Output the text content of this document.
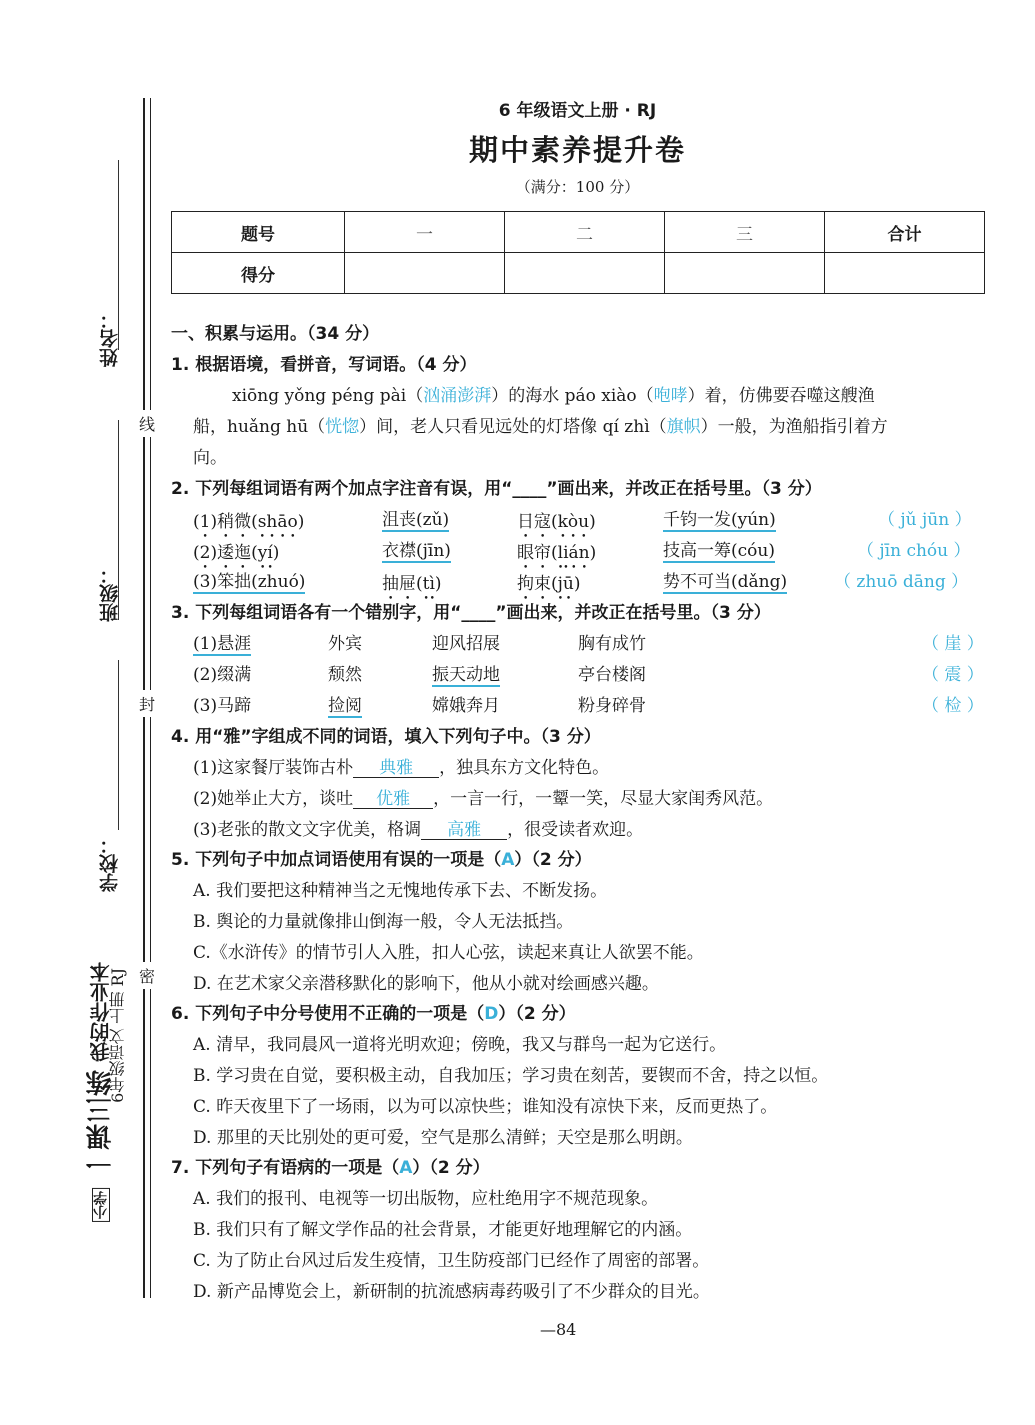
姓名：
班级：
学校：
线
封
密
小学 一课三练 我的作业本
6年级语文 上册 RJ
6 年级语文上册 · RJ
期中素养提升卷
（满分：100 分）
题号	一	二	三	合计
得分				
一、积累与运用。（34 分）
1. 根据语境，看拼音，写词语。（4 分）
xiōng yǒng péng pài（汹涌澎湃）的海水 páo xiào（咆哮）着，仿佛要吞噬这艘渔
船，huǎng hū（恍惚）间，老人只看见远处的灯塔像 qí zhì（旗帜）一般，为渔船指引着方
向。
2. 下列每组词语有两个加点字注音有误，用“____”画出来，并改正在括号里。（3 分）
(1)稍微(shāo)	沮丧(zǔ)	日寇(kòu)	千钧一发(yún)	（ jǔ jūn ）
(2)逶迤(yí)	衣襟(jīn)	眼帘(lián)	技高一筹(cóu)	（ jīn chóu ）
(3)笨拙(zhuó)	抽屉(tì)	拘束(jū)	势不可当(dǎng)	（ zhuō dāng ）
3. 下列每组词语各有一个错别字，用“____”画出来，并改正在括号里。（3 分）
(1)悬涯	外宾	迎风招展	胸有成竹	（ 崖 ）
(2)缀满	颓然	振天动地	亭台楼阁	（ 震 ）
(3)马蹄	捡阅	嫦娥奔月	粉身碎骨	（ 检 ）
4. 用“雅”字组成不同的词语，填入下列句子中。（3 分）
(1)这家餐厅装饰古朴 典雅 ，独具东方文化特色。
(2)她举止大方，谈吐 优雅 ，一言一行，一颦一笑，尽显大家闺秀风范。
(3)老张的散文文字优美，格调 高雅 ，很受读者欢迎。
5. 下列句子中加点词语使用有误的一项是（A）（2 分）
A. 我们要把这种精神当之无愧地传承下去、不断发扬。
B. 舆论的力量就像排山倒海一般，令人无法抵挡。
C.《水浒传》的情节引人入胜，扣人心弦，读起来真让人欲罢不能。
D. 在艺术家父亲潜移默化的影响下，他从小就对绘画感兴趣。
6. 下列句子中分号使用不正确的一项是（D）（2 分）
A. 清早，我同晨风一道将光明欢迎；傍晚，我又与群鸟一起为它送行。
B. 学习贵在自觉，要积极主动，自我加压；学习贵在刻苦，要锲而不舍，持之以恒。
C. 昨天夜里下了一场雨，以为可以凉快些；谁知没有凉快下来，反而更热了。
D. 那里的天比别处的更可爱，空气是那么清鲜；天空是那么明朗。
7. 下列句子有语病的一项是（A）（2 分）
A. 我们的报刊、电视等一切出版物，应杜绝用字不规范现象。
B. 我们只有了解文学作品的社会背景，才能更好地理解它的内涵。
C. 为了防止台风过后发生疫情，卫生防疫部门已经作了周密的部署。
D. 新产品博览会上，新研制的抗流感病毒药吸引了不少群众的目光。
—84
